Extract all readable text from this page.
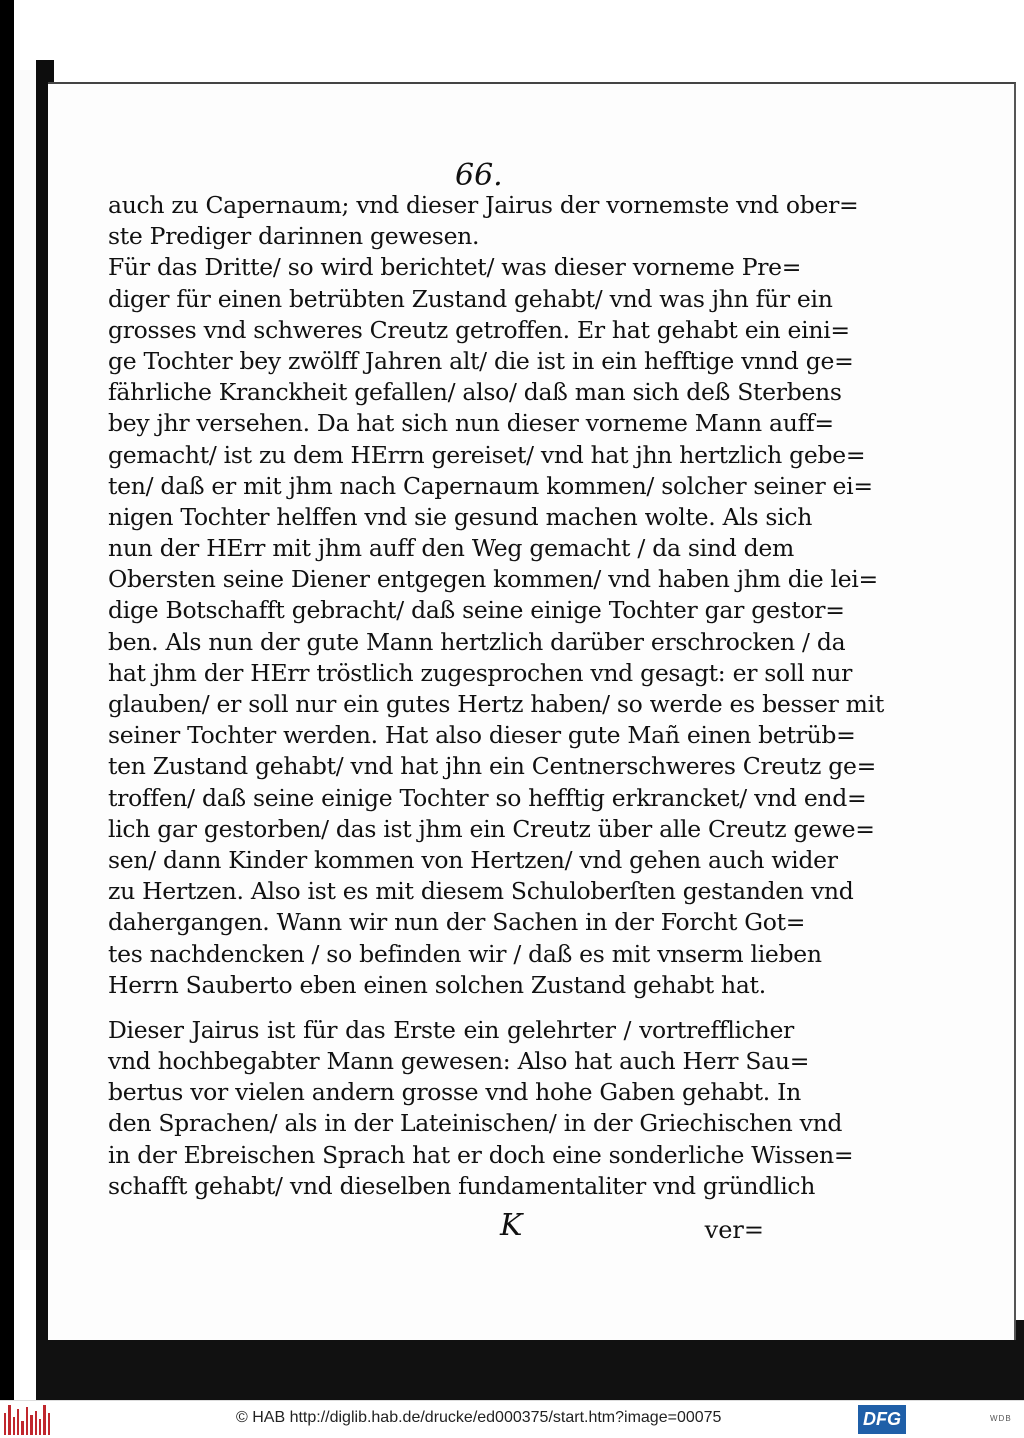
66.
auch zu Capernaum; vnd dieser Jairus der vornemste vnd ober=
ste Prediger darinnen gewesen.
Für das Dritte/ so wird berichtet/ was dieser vorneme Pre=
diger für einen betrübten Zustand gehabt/ vnd was jhn für ein
grosses vnd schweres Creutz getroffen. Er hat gehabt ein eini=
ge Tochter bey zwölff Jahren alt/ die ist in ein hefftige vnnd ge=
fährliche Kranckheit gefallen/ also/ daß man sich deß Sterbens
bey jhr versehen. Da hat sich nun dieser vorneme Mann auff=
gemacht/ ist zu dem HErrn gereiset/ vnd hat jhn hertzlich gebe=
ten/ daß er mit jhm nach Capernaum kommen/ solcher seiner ei=
nigen Tochter helffen vnd sie gesund machen wolte. Als sich
nun der HErr mit jhm auff den Weg gemacht / da sind dem
Obersten seine Diener entgegen kommen/ vnd haben jhm die lei=
dige Botschafft gebracht/ daß seine einige Tochter gar gestor=
ben. Als nun der gute Mann hertzlich darüber erschrocken / da
hat jhm der HErr tröstlich zugesprochen vnd gesagt: er soll nur
glauben/ er soll nur ein gutes Hertz haben/ so werde es besser mit
seiner Tochter werden. Hat also dieser gute Mañ einen betrüb=
ten Zustand gehabt/ vnd hat jhn ein Centnerschweres Creutz ge=
troffen/ daß seine einige Tochter so hefftig erkrancket/ vnd end=
lich gar gestorben/ das ist jhm ein Creutz über alle Creutz gewe=
sen/ dann Kinder kommen von Hertzen/ vnd gehen auch wider
zu Hertzen. Also ist es mit diesem Schuloberſten gestanden vnd
dahergangen. Wann wir nun der Sachen in der Forcht Got=
tes nachdencken / so befinden wir / daß es mit vnserm lieben
Herrn Sauberto eben einen solchen Zustand gehabt hat.
Dieser Jairus ist für das Erste ein gelehrter / vortrefflicher
vnd hochbegabter Mann gewesen: Also hat auch Herr Sau=
bertus vor vielen andern grosse vnd hohe Gaben gehabt. In
den Sprachen/ als in der Lateinischen/ in der Griechischen vnd
in der Ebreischen Sprach hat er doch eine sonderliche Wissen=
schafft gehabt/ vnd dieselben fundamentaliter vnd gründlich
K	ver=
© HAB http://diglib.hab.de/drucke/ed000375/start.htm?image=00075	DFG	WDB
